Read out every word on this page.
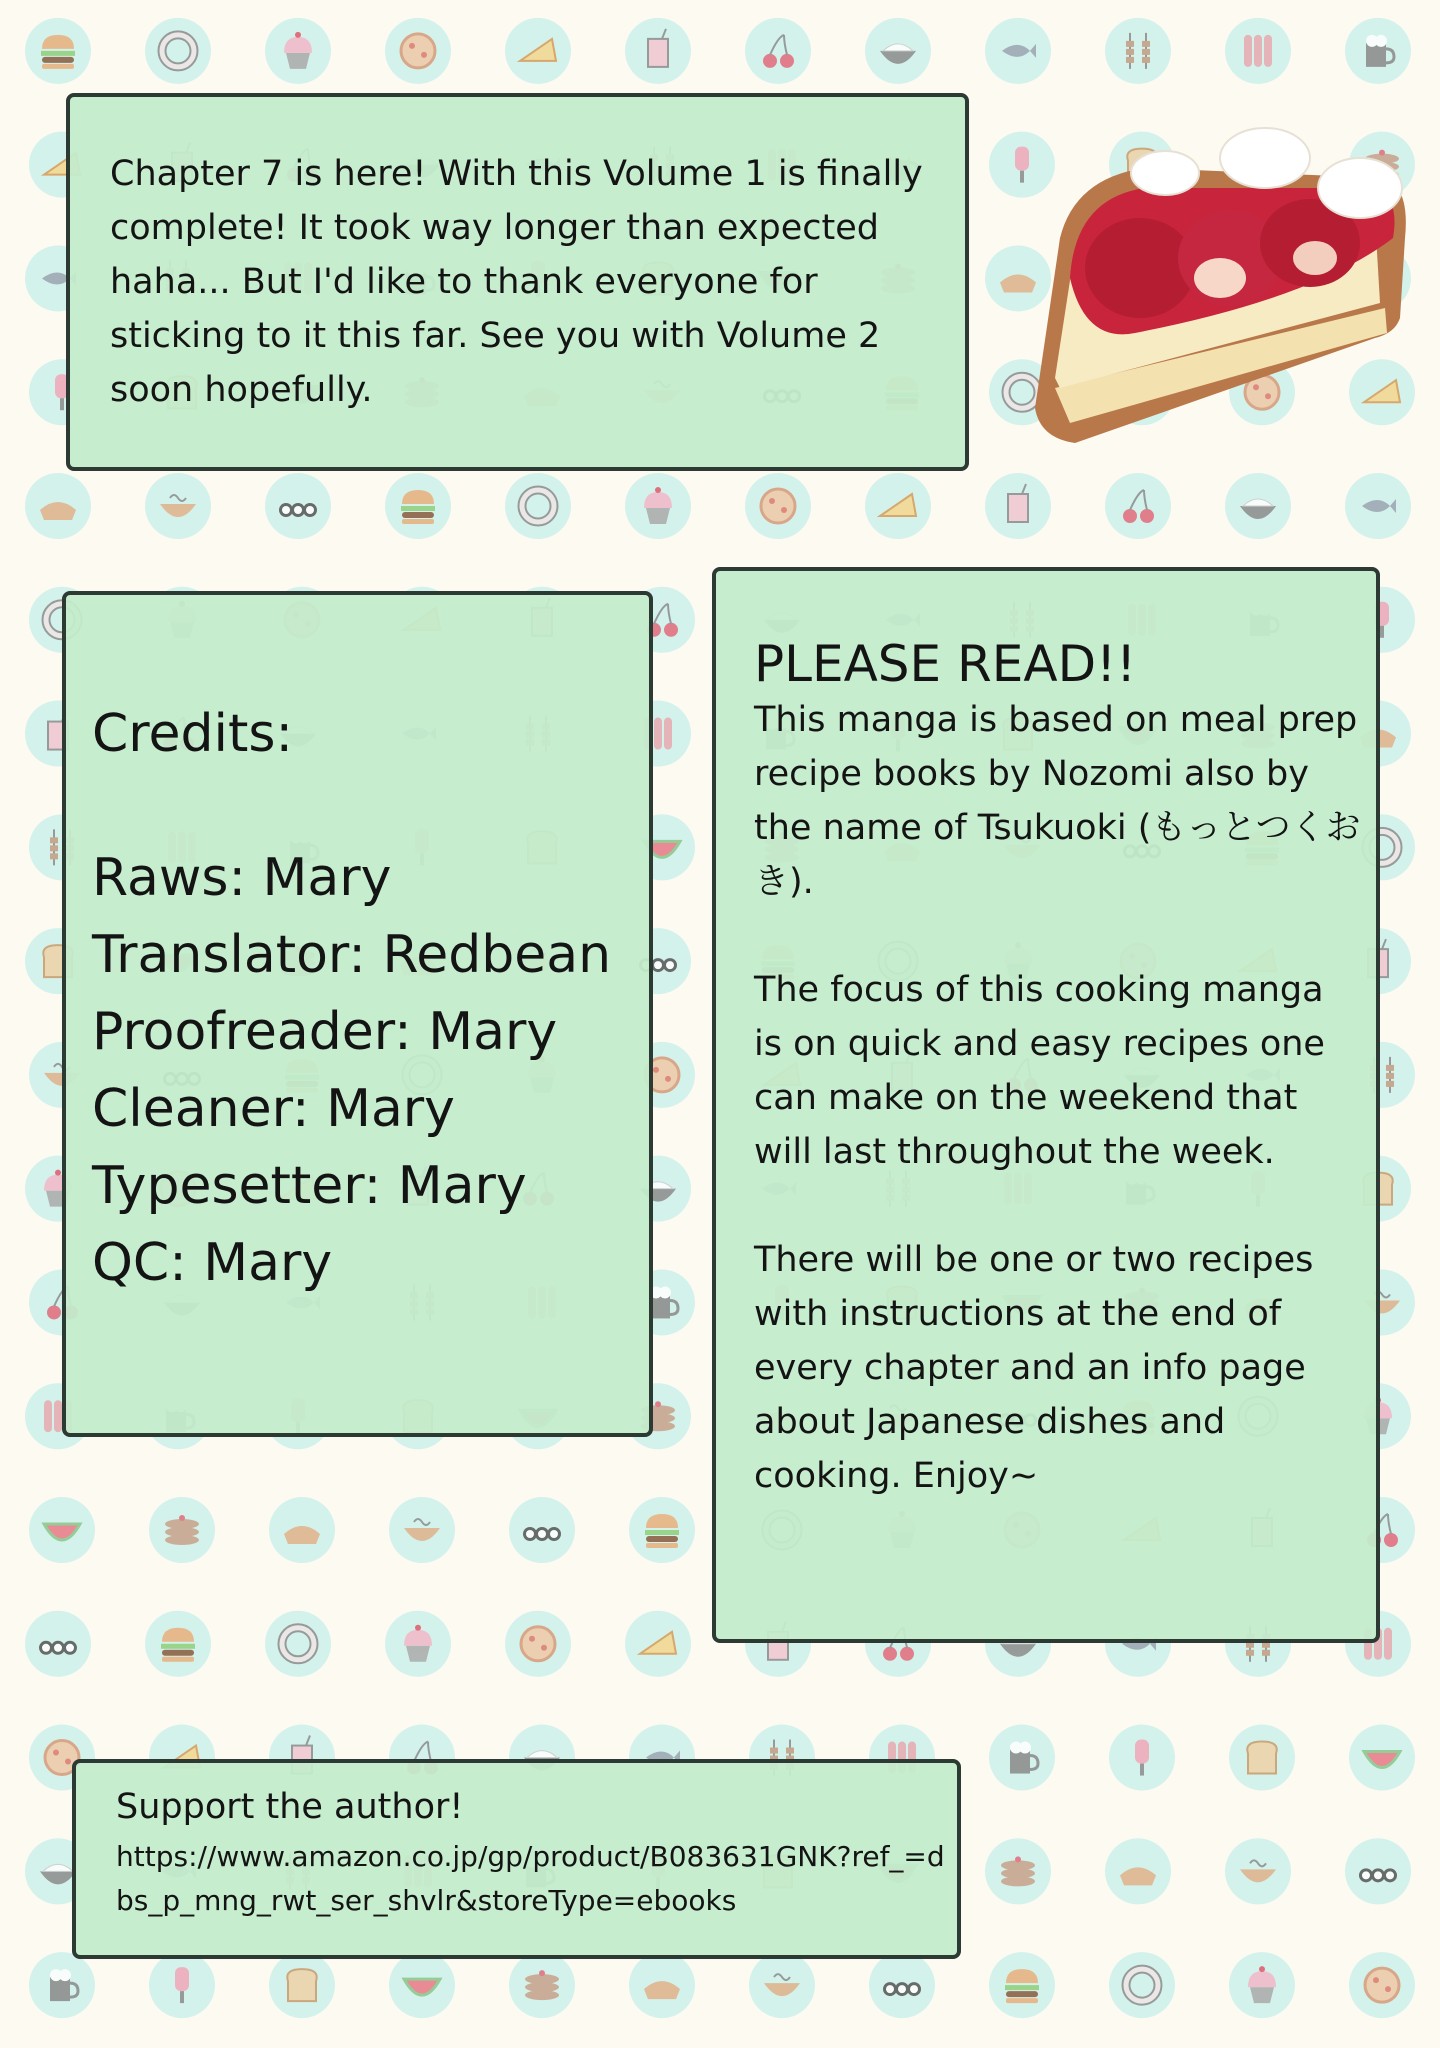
Chapter 7 is here! With this Volume 1 is finally complete! It took way longer than expected haha... But I'd like to thank everyone for sticking to it this far. See you with Volume 2 soon hopefully.

Credits:
Raws: Mary
Translator: Redbean
Proofreader: Mary
Cleaner: Mary
Typesetter: Mary
QC: Mary
PLEASE READ!!

This manga is based on meal prep recipe books by Nozomi also by the name of Tsukuoki (もっとつくおき).

The focus of this cooking manga is on quick and easy recipes one can make on the weekend that will last throughout the week.

There will be one or two recipes with instructions at the end of every chapter and an info page about Japanese dishes and cooking. Enjoy~

Support the author!

https://www.amazon.co.jp/gp/product/B083631GNK?ref_=dbs_p_mng_rwt_ser_shvlr&storeType=ebooks
